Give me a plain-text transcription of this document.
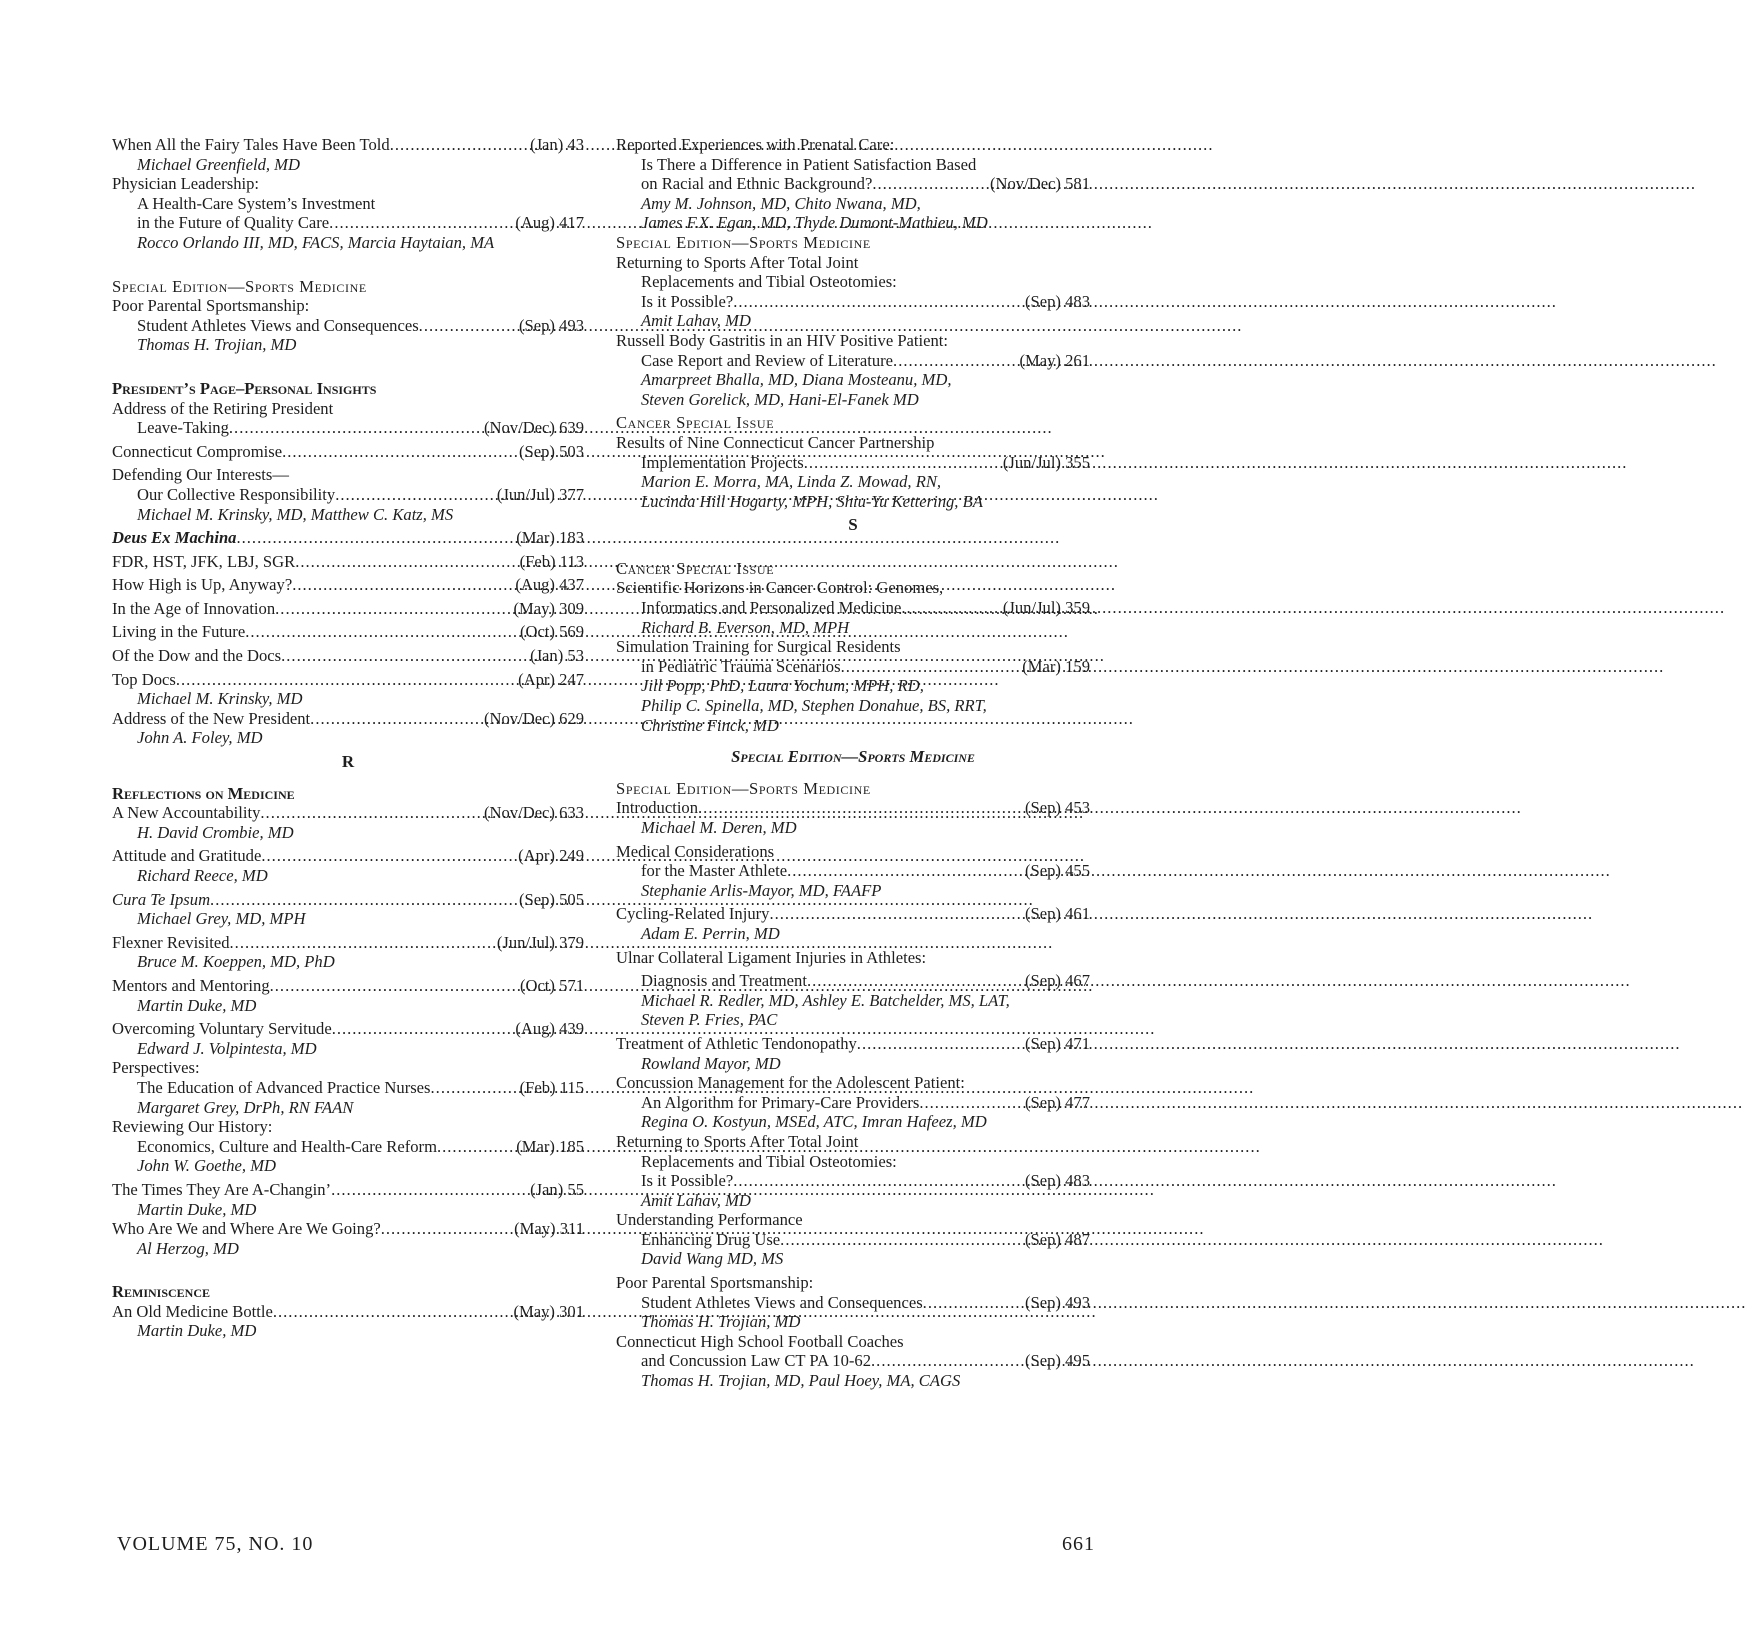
When All the Fairy Tales Have Been Told .....	(Jan) 43
Michael Greenfield, MD
Physician Leadership:
A Health-Care System’s Investment
in the Future of Quality Care .....	(Aug) 417
Rocco Orlando III, MD, FACS, Marcia Haytaian, MA
Special Edition—Sports Medicine
Poor Parental Sportsmanship:
Student Athletes Views and Consequences .....	(Sep) 493
Thomas H. Trojian, MD
President’s Page–Personal Insights
Address of the Retiring President
Leave-Taking .....	(Nov/Dec) 639
Connecticut Compromise .....	(Sep) 503
Defending Our Interests—
Our Collective Responsibility .....	(Jun/Jul) 377
Michael M. Krinsky, MD, Matthew C. Katz, MS
Deus Ex Machina .....	(Mar) 183
FDR, HST, JFK, LBJ, SGR .....	(Feb) 113
How High is Up, Anyway? .....	(Aug) 437
In the Age of Innovation .....	(May) 309
Living in the Future .....	(Oct) 569
Of the Dow and the Docs .....	(Jan) 53
Top Docs .....	(Apr) 247
Michael M. Krinsky, MD
Address of the New President .....	(Nov/Dec) 629
John A. Foley, MD
R
Reflections on Medicine
A New Accountability .....	(Nov/Dec) 633
H. David Crombie, MD
Attitude and Gratitude .....	(Apr) 249
Richard Reece, MD
Cura Te Ipsum .....	(Sep) 505
Michael Grey, MD, MPH
Flexner Revisited .....	(Jun/Jul) 379
Bruce M. Koeppen, MD, PhD
Mentors and Mentoring .....	(Oct) 571
Martin Duke, MD
Overcoming Voluntary Servitude .....	(Aug) 439
Edward J. Volpintesta, MD
Perspectives:
The Education of Advanced Practice Nurses .....	(Feb) 115
Margaret Grey, DrPh, RN FAAN
Reviewing Our History:
Economics, Culture and Health-Care Reform .....	(Mar) 185
John W. Goethe, MD
The Times They Are A-Changin’ .....	(Jan) 55
Martin Duke, MD
Who Are We and Where Are We Going? .....	(May) 311
Al Herzog, MD
Reminiscence
An Old Medicine Bottle .....	(May) 301
Martin Duke, MD
Reported Experiences with Prenatal Care:
Is There a Difference in Patient Satisfaction Based
on Racial and Ethnic Background? .....	(Nov/Dec) 581
Amy M. Johnson, MD, Chito Nwana, MD,
James F.X. Egan, MD, Thyde Dumont-Mathieu, MD
Special Edition—Sports Medicine
Returning to Sports After Total Joint
Replacements and Tibial Osteotomies:
Is it Possible? .....	(Sep) 483
Amit Lahav, MD
Russell Body Gastritis in an HIV Positive Patient:
Case Report and Review of Literature .....	(May) 261
Amarpreet Bhalla, MD, Diana Mosteanu, MD,
Steven Gorelick, MD, Hani-El-Fanek MD
Cancer Special Issue
Results of Nine Connecticut Cancer Partnership
Implementation Projects .....	(Jun/Jul) 355
Marion E. Morra, MA, Linda Z. Mowad, RN,
Lucinda Hill Hogarty, MPH, Shiu-Yu Kettering, BA
S
Cancer Special Issue
Scientific Horizons in Cancer Control: Genomes,
Informatics and Personalized Medicine .....	(Jun/Jul) 359
Richard B. Everson, MD, MPH
Simulation Training for Surgical Residents
in Pediatric Trauma Scenarios .....	(Mar) 159
Jill Popp, PhD, Laura Yochum, MPH, RD,
Philip C. Spinella, MD, Stephen Donahue, BS, RRT,
Christine Finck, MD
Special Edition—Sports Medicine
Special Edition—Sports Medicine
Introduction .....	(Sep) 453
Michael M. Deren, MD
Medical Considerations
for the Master Athlete .....	(Sep) 455
Stephanie Arlis-Mayor, MD, FAAFP
Cycling-Related Injury .....	(Sep) 461
Adam E. Perrin, MD
Ulnar Collateral Ligament Injuries in Athletes:
Diagnosis and Treatment .....	(Sep) 467
Michael R. Redler, MD, Ashley E. Batchelder, MS, LAT,
Steven P. Fries, PAC
Treatment of Athletic Tendonopathy .....	(Sep) 471
Rowland Mayor, MD
Concussion Management for the Adolescent Patient:
An Algorithm for Primary-Care Providers .....	(Sep) 477
Regina O. Kostyun, MSEd, ATC, Imran Hafeez, MD
Returning to Sports After Total Joint
Replacements and Tibial Osteotomies:
Is it Possible? .....	(Sep) 483
Amit Lahav, MD
Understanding Performance
Enhancing Drug Use .....	(Sep) 487
David Wang MD, MS
Poor Parental Sportsmanship:
Student Athletes Views and Consequences .....	(Sep) 493
Thomas H. Trojian, MD
Connecticut High School Football Coaches
and Concussion Law CT PA 10-62 .....	(Sep) 495
Thomas H. Trojian, MD, Paul Hoey, MA, CAGS
VOLUME 75, NO. 10	661
